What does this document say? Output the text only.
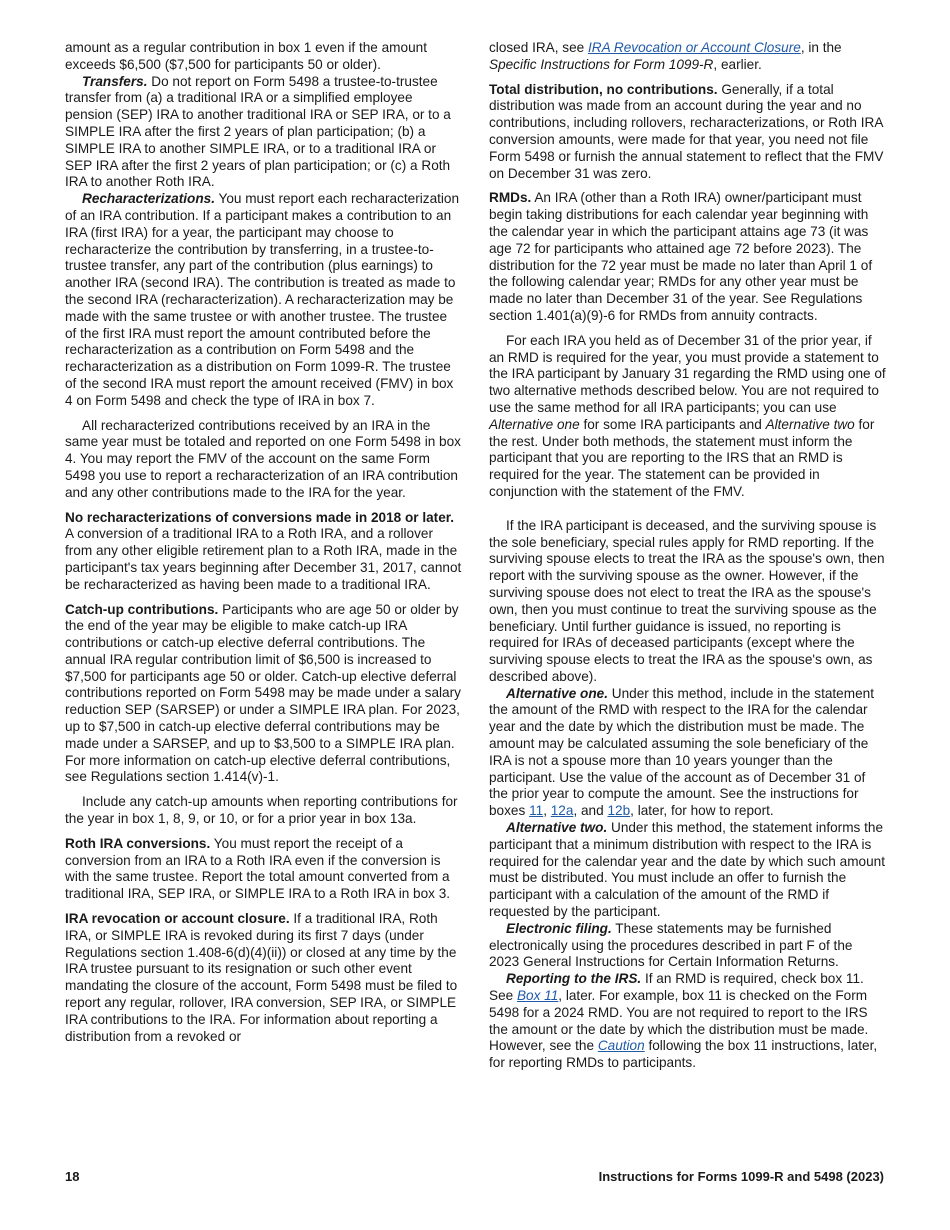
amount as a regular contribution in box 1 even if the amount exceeds $6,500 ($7,500 for participants 50 or older).

Transfers. Do not report on Form 5498 a trustee-to-trustee transfer from (a) a traditional IRA or a simplified employee pension (SEP) IRA to another traditional IRA or SEP IRA, or to a SIMPLE IRA after the first 2 years of plan participation; (b) a SIMPLE IRA to another SIMPLE IRA, or to a traditional IRA or SEP IRA after the first 2 years of plan participation; or (c) a Roth IRA to another Roth IRA.

Recharacterizations. You must report each recharacterization of an IRA contribution. If a participant makes a contribution to an IRA (first IRA) for a year, the participant may choose to recharacterize the contribution by transferring, in a trustee-to-trustee transfer, any part of the contribution (plus earnings) to another IRA (second IRA). The contribution is treated as made to the second IRA (recharacterization). A recharacterization may be made with the same trustee or with another trustee. The trustee of the first IRA must report the amount contributed before the recharacterization as a contribution on Form 5498 and the recharacterization as a distribution on Form 1099-R. The trustee of the second IRA must report the amount received (FMV) in box 4 on Form 5498 and check the type of IRA in box 7.

All recharacterized contributions received by an IRA in the same year must be totaled and reported on one Form 5498 in box 4. You may report the FMV of the account on the same Form 5498 you use to report a recharacterization of an IRA contribution and any other contributions made to the IRA for the year.

No recharacterizations of conversions made in 2018 or later. A conversion of a traditional IRA to a Roth IRA, and a rollover from any other eligible retirement plan to a Roth IRA, made in the participant's tax years beginning after December 31, 2017, cannot be recharacterized as having been made to a traditional IRA.

Catch-up contributions. Participants who are age 50 or older by the end of the year may be eligible to make catch-up IRA contributions or catch-up elective deferral contributions. The annual IRA regular contribution limit of $6,500 is increased to $7,500 for participants age 50 or older. Catch-up elective deferral contributions reported on Form 5498 may be made under a salary reduction SEP (SARSEP) or under a SIMPLE IRA plan. For 2023, up to $7,500 in catch-up elective deferral contributions may be made under a SARSEP, and up to $3,500 to a SIMPLE IRA plan. For more information on catch-up elective deferral contributions, see Regulations section 1.414(v)-1.

Include any catch-up amounts when reporting contributions for the year in box 1, 8, 9, or 10, or for a prior year in box 13a.

Roth IRA conversions. You must report the receipt of a conversion from an IRA to a Roth IRA even if the conversion is with the same trustee. Report the total amount converted from a traditional IRA, SEP IRA, or SIMPLE IRA to a Roth IRA in box 3.

IRA revocation or account closure. If a traditional IRA, Roth IRA, or SIMPLE IRA is revoked during its first 7 days (under Regulations section 1.408-6(d)(4)(ii)) or closed at any time by the IRA trustee pursuant to its resignation or such other event mandating the closure of the account, Form 5498 must be filed to report any regular, rollover, IRA conversion, SEP IRA, or SIMPLE IRA contributions to the IRA. For information about reporting a distribution from a revoked or

closed IRA, see IRA Revocation or Account Closure, in the Specific Instructions for Form 1099-R, earlier.

Total distribution, no contributions. Generally, if a total distribution was made from an account during the year and no contributions, including rollovers, recharacterizations, or Roth IRA conversion amounts, were made for that year, you need not file Form 5498 or furnish the annual statement to reflect that the FMV on December 31 was zero.

RMDs. An IRA (other than a Roth IRA) owner/participant must begin taking distributions for each calendar year beginning with the calendar year in which the participant attains age 73 (it was age 72 for participants who attained age 72 before 2023). The distribution for the 72 year must be made no later than April 1 of the following calendar year; RMDs for any other year must be made no later than December 31 of the year. See Regulations section 1.401(a)(9)-6 for RMDs from annuity contracts.

For each IRA you held as of December 31 of the prior year, if an RMD is required for the year, you must provide a statement to the IRA participant by January 31 regarding the RMD using one of two alternative methods described below. You are not required to use the same method for all IRA participants; you can use Alternative one for some IRA participants and Alternative two for the rest. Under both methods, the statement must inform the participant that you are reporting to the IRS that an RMD is required for the year. The statement can be provided in conjunction with the statement of the FMV.

If the IRA participant is deceased, and the surviving spouse is the sole beneficiary, special rules apply for RMD reporting. If the surviving spouse elects to treat the IRA as the spouse's own, then report with the surviving spouse as the owner. However, if the surviving spouse does not elect to treat the IRA as the spouse's own, then you must continue to treat the surviving spouse as the beneficiary. Until further guidance is issued, no reporting is required for IRAs of deceased participants (except where the surviving spouse elects to treat the IRA as the spouse's own, as described above).

Alternative one. Under this method, include in the statement the amount of the RMD with respect to the IRA for the calendar year and the date by which the distribution must be made. The amount may be calculated assuming the sole beneficiary of the IRA is not a spouse more than 10 years younger than the participant. Use the value of the account as of December 31 of the prior year to compute the amount. See the instructions for boxes 11, 12a, and 12b, later, for how to report.

Alternative two. Under this method, the statement informs the participant that a minimum distribution with respect to the IRA is required for the calendar year and the date by which such amount must be distributed. You must include an offer to furnish the participant with a calculation of the amount of the RMD if requested by the participant.

Electronic filing. These statements may be furnished electronically using the procedures described in part F of the 2023 General Instructions for Certain Information Returns.

Reporting to the IRS. If an RMD is required, check box 11. See Box 11, later. For example, box 11 is checked on the Form 5498 for a 2024 RMD. You are not required to report to the IRS the amount or the date by which the distribution must be made. However, see the Caution following the box 11 instructions, later, for reporting RMDs to participants.

18	Instructions for Forms 1099-R and 5498 (2023)
